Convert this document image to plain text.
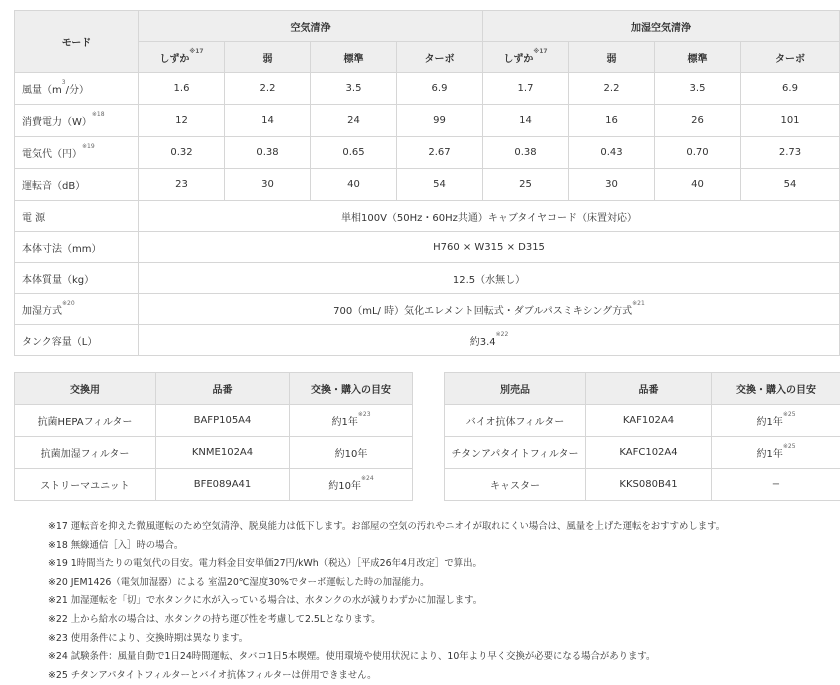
モード	空気清浄				加湿空気清浄			
	しずか$^{※17}$	弱	標準	ターボ	しずか$^{※17}$	弱	標準	ターボ
風量（$m^3/$分）	1.6	2.2	3.5	6.9	1.7	2.2	3.5	6.9
消費電力$(W)^{※18}$	12	14	24	99	14	16	26	101
電気代（円）$^{※19}$	0.32	0.38	0.65	2.67	0.38	0.43	0.70	2.73
運転音（dB）	23	30	40	54	25	30	40	54
電 源	単相100V（50Hz・60Hz共通）キャブタイヤコード（床置対応）							
本体寸法（mm）	H760 × W315 × D315							
本体質量（kg）	12.5（水無し）							
加湿方式$^{※20}$	700（mL/ 時）気化エレメント回転式・ダブルパスミキシング方式$^{※21}$
タンク容量（L）	約3.4$^{※22}$
交換用	品番	交換・購入の目安
抗菌HEPAフィルター	BAFP105A4	約1年$^{※23}$
抗菌加湿フィルター	KNME102A4	約10年
ストリーマユニット	BFE089A41	約10年$^{※24}$
別売品	品番	交換・購入の目安
バイオ抗体フィルター	KAF102A4	約1年$^{※25}$
チタンアパタイトフィルター	KAFC102A4	約1年$^{※25}$
キャスター	KKS080B41	−
※17 運転音を抑えた微風運転のため空気清浄、脱臭能力は低下します。お部屋の空気の汚れやニオイが取れにくい場合は、風量を上げた運転をおすすめします。
※18 無線通信［入］時の場合。
※19 1時間当たりの電気代の目安。電力料金目安単価27円/kWh（税込）［平成26年4月改定］で算出。
※20 JEM1426（電気加湿器）による 室温20℃湿度30%でターボ運転した時の加湿能力。
※21 加湿運転を「切」で水タンクに水が入っている場合は、水タンクの水が減りわずかに加湿します。
※22 上から給水の場合は、水タンクの持ち運び性を考慮して2.5Lとなります。
※23 使用条件により、交換時期は異なります。
※24 試験条件：風量自動で1日24時間運転、タバコ1日5本喫煙。使用環境や使用状況により、10年より早く交換が必要になる場合があります。
※25 チタンアパタイトフィルターとバイオ抗体フィルターは併用できません。
